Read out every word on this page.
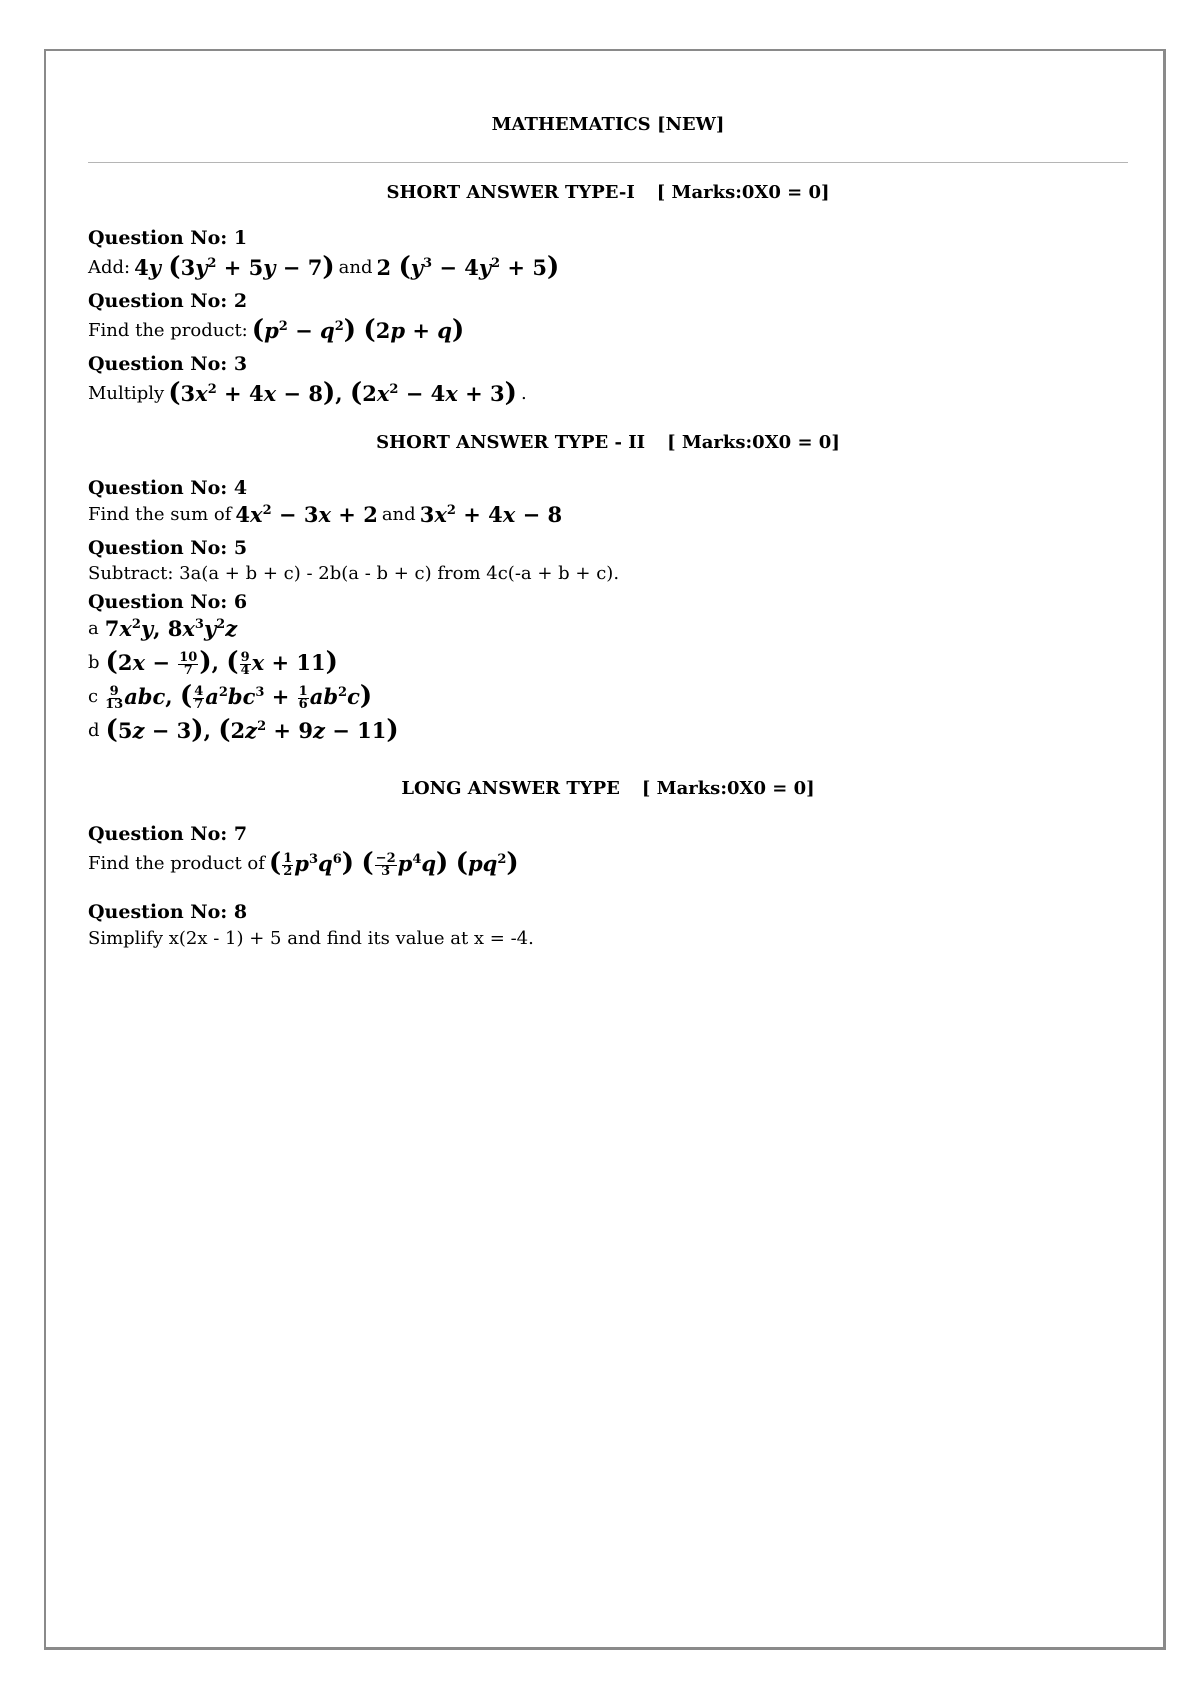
MATHEMATICS [NEW]
SHORT ANSWER TYPE-I [ Marks:0X0 = 0]
Question No: 1
Add: 4y $(3y^2 + 5y - 7)$ and 2 $(y^3 - 4y^2 + 5)$
Question No: 2
Find the product: $(p^2 - q^2) (2p + q)$
Question No: 3
Multiply $(3x^2 + 4x - 8)$, $(2x^2 - 4x + 3)$ .
SHORT ANSWER TYPE - II [ Marks:0X0 = 0]
Question No: 4
Find the sum of $4x^2 - 3x + 2$ and $3x^2 + 4x - 8$
Question No: 5
Subtract: 3a(a + b + c) - 2b(a - b + c) from 4c(-a + b + c).
Question No: 6
a $7x^2y$, $8x^3y^2z$
b ($2x - \frac{10}{7}$ ), ( $\frac{9}{4}$ x + 11)
c $\frac{9}{13}$ abc, ( $\frac{4}{7} a^2bc^3 + \frac{1}{6} ab^2c$)
d (5z − 3), $(2z^2 + 9z - 11)$
LONG ANSWER TYPE [ Marks:0X0 = 0]
Question No: 7
Find the product of ( $\frac{1}{2} p^3q^6$) ( $\frac{-2}{3} p^4q$) $(pq^2)$
Question No: 8
Simplify x(2x - 1) + 5 and find its value at x = -4.
